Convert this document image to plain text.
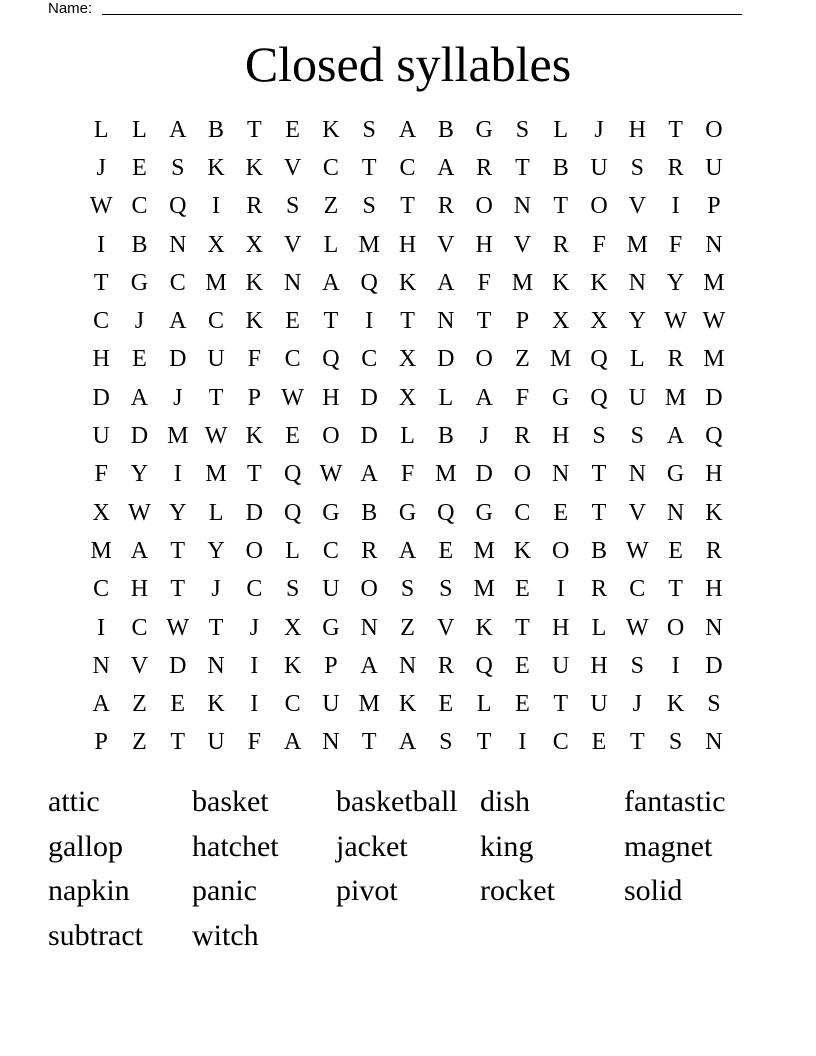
Name:
Closed syllables
L L A B T E K S A B G S	L	J	H T O
J	E	S K K V C T C A R T B U S R U
W C Q	I	R S	Z	S	T R O N T O V	I	P
I	B N X X V L M H V H V R F M F N
T G C M K N A Q K A F M K K N Y M
C	J	A C K E T	I	T N T	P X X Y W W
H E D U F C Q C X D O Z M Q L R M
D A	J	T	P W H D X L A F G Q U M D
U D M W K E O D L B	J	R H S	S A Q
F Y	I M T Q W A F M D O N T N G H
X W Y L D Q G B G Q G C E T V N K
M A T Y O L C R A E M K O B W E R
C H T	J	C S U O S	S M E	I	R C T H
I	C W T	J	X G N Z V K T H L W O N
N V D N	I	K P A N R Q E U H S	I	D
A Z E K	I	C U M K E L E T U	J	K S
P	Z T U F A N T A S	T	I	C E T	S N
attic	basket	basketball dish	fantastic
gallop	hatchet	jacket	king	magnet
napkin	panic	pivot	rocket	solid
subtract	witch
